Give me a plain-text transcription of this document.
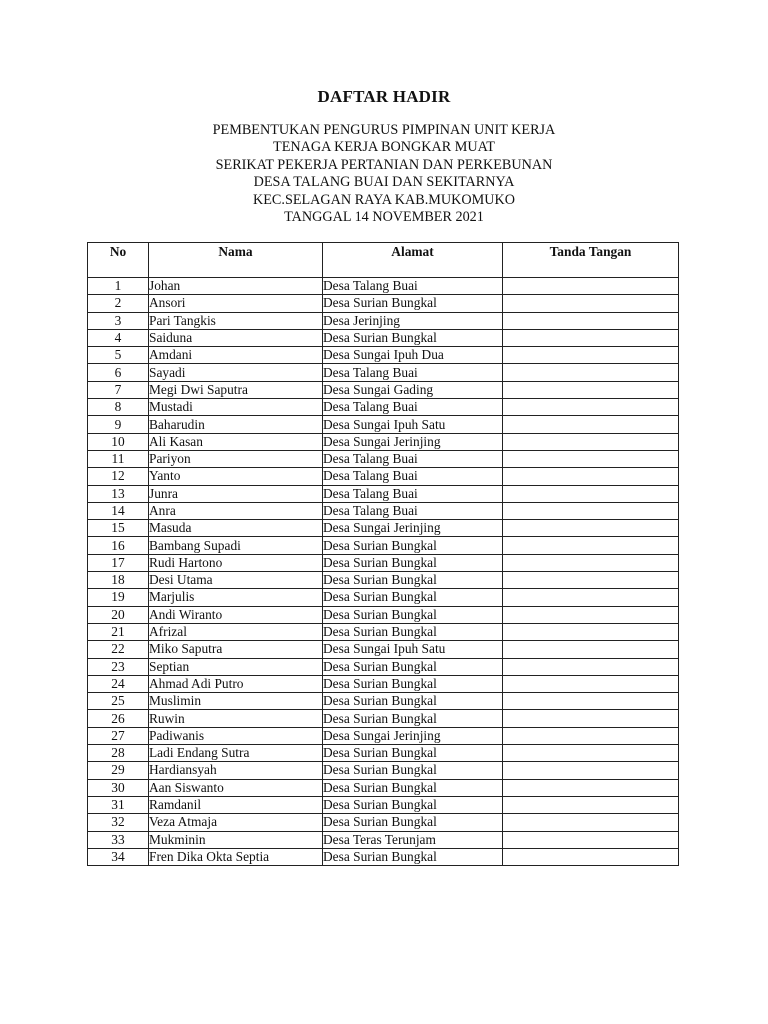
DAFTAR HADIR
PEMBENTUKAN PENGURUS PIMPINAN UNIT KERJA
TENAGA KERJA BONGKAR MUAT
SERIKAT PEKERJA PERTANIAN DAN PERKEBUNAN
DESA TALANG BUAI DAN SEKITARNYA
KEC.SELAGAN RAYA KAB.MUKOMUKO
TANGGAL 14 NOVEMBER 2021
No	Nama	Alamat	Tanda Tangan
1	Johan	Desa Talang Buai	
2	Ansori	Desa Surian Bungkal	
3	Pari Tangkis	Desa Jerinjing	
4	Saiduna	Desa Surian Bungkal	
5	Amdani	Desa Sungai Ipuh Dua	
6	Sayadi	Desa Talang Buai	
7	Megi Dwi Saputra	Desa Sungai Gading	
8	Mustadi	Desa Talang Buai	
9	Baharudin	Desa Sungai Ipuh Satu	
10	Ali Kasan	Desa Sungai Jerinjing	
11	Pariyon	Desa Talang Buai	
12	Yanto	Desa Talang Buai	
13	Junra	Desa Talang Buai	
14	Anra	Desa Talang Buai	
15	Masuda	Desa Sungai Jerinjing	
16	Bambang Supadi	Desa Surian Bungkal	
17	Rudi Hartono	Desa Surian Bungkal	
18	Desi Utama	Desa Surian Bungkal	
19	Marjulis	Desa Surian Bungkal	
20	Andi Wiranto	Desa Surian Bungkal	
21	Afrizal	Desa Surian Bungkal	
22	Miko Saputra	Desa Sungai Ipuh Satu	
23	Septian	Desa Surian Bungkal	
24	Ahmad Adi Putro	Desa Surian Bungkal	
25	Muslimin	Desa Surian Bungkal	
26	Ruwin	Desa Surian Bungkal	
27	Padiwanis	Desa Sungai Jerinjing	
28	Ladi Endang Sutra	Desa Surian Bungkal	
29	Hardiansyah	Desa Surian Bungkal	
30	Aan Siswanto	Desa Surian Bungkal	
31	Ramdanil	Desa Surian Bungkal	
32	Veza Atmaja	Desa Surian Bungkal	
33	Mukminin	Desa Teras Terunjam	
34	Fren Dika Okta Septia	Desa Surian Bungkal	
